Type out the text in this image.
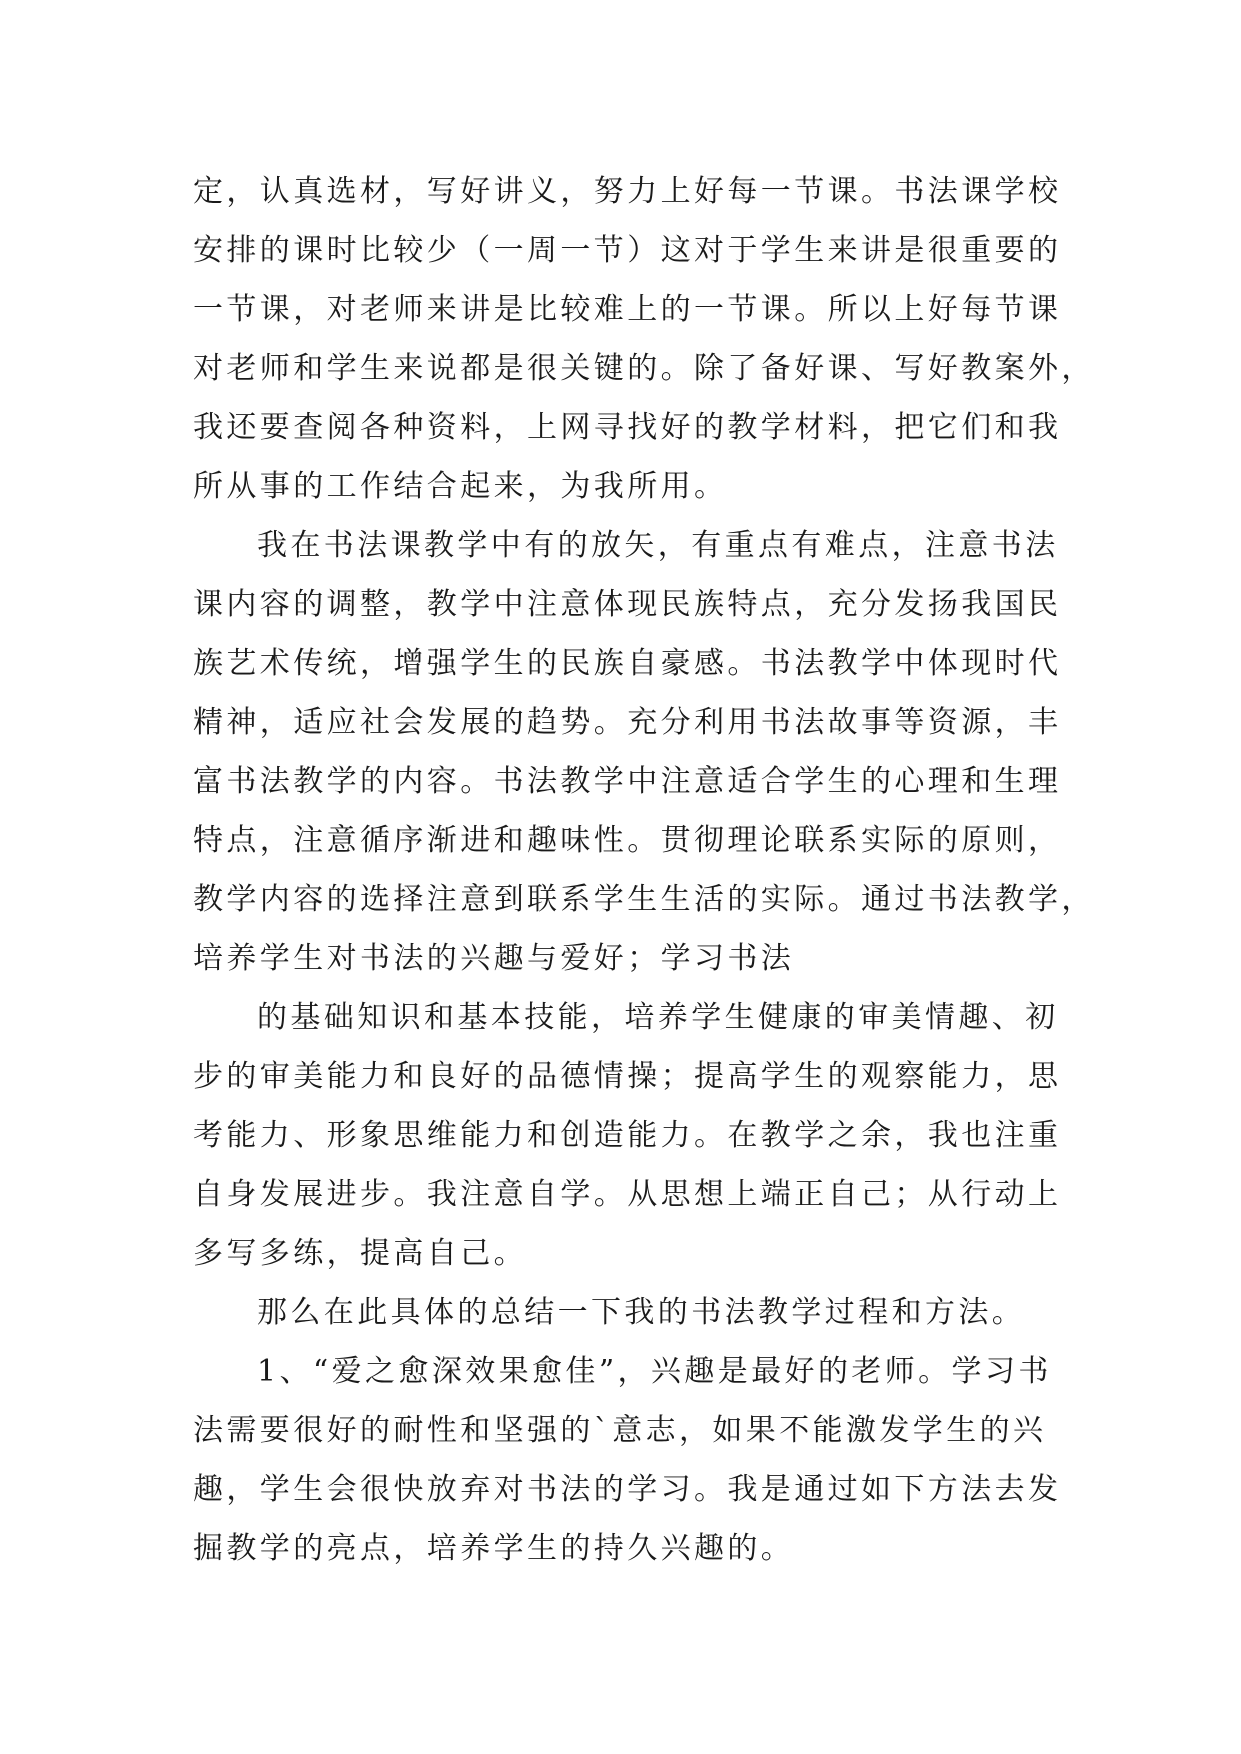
定，认真选材，写好讲义，努力上好每一节课。书法课学校
安排的课时比较少（一周一节）这对于学生来讲是很重要的
一节课，对老师来讲是比较难上的一节课。所以上好每节课
对老师和学生来说都是很关键的。除了备好课、写好教案外，
我还要查阅各种资料，上网寻找好的教学材料，把它们和我
所从事的工作结合起来，为我所用。
我在书法课教学中有的放矢，有重点有难点，注意书法
课内容的调整，教学中注意体现民族特点，充分发扬我国民
族艺术传统，增强学生的民族自豪感。书法教学中体现时代
精神，适应社会发展的趋势。充分利用书法故事等资源，丰
富书法教学的内容。书法教学中注意适合学生的心理和生理
特点，注意循序渐进和趣味性。贯彻理论联系实际的原则，
教学内容的选择注意到联系学生生活的实际。通过书法教学，
培养学生对书法的兴趣与爱好；学习书法
的基础知识和基本技能，培养学生健康的审美情趣、初
步的审美能力和良好的品德情操；提高学生的观察能力，思
考能力、形象思维能力和创造能力。在教学之余，我也注重
自身发展进步。我注意自学。从思想上端正自己；从行动上
多写多练，提高自己。
那么在此具体的总结一下我的书法教学过程和方法。
1、“爱之愈深效果愈佳”，兴趣是最好的老师。学习书
法需要很好的耐性和坚强的`意志，如果不能激发学生的兴
趣，学生会很快放弃对书法的学习。我是通过如下方法去发
掘教学的亮点，培养学生的持久兴趣的。
